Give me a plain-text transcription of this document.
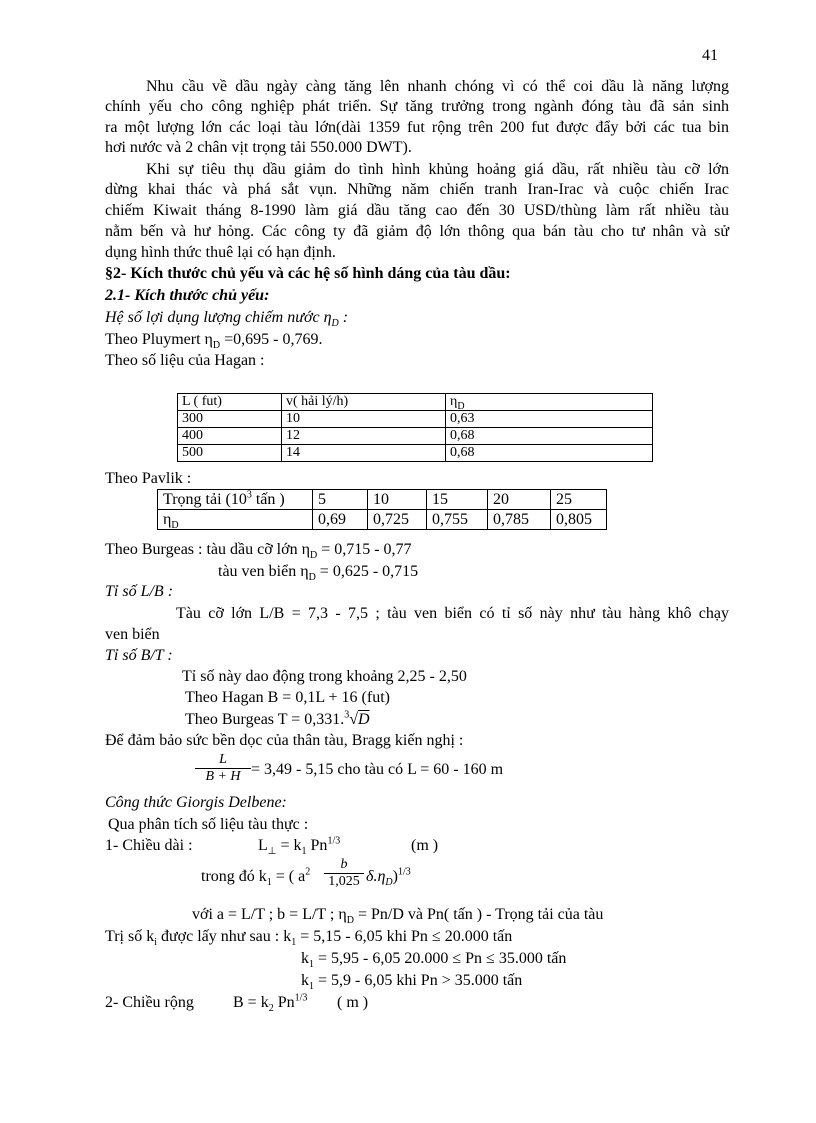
41
Nhu cầu về dầu ngày càng tăng lên nhanh chóng vì có thể coi dầu là năng lượng
chính yếu cho công nghiệp phát triển. Sự tăng trưởng trong ngành đóng tàu đã sản sinh
ra một lượng lớn các loại tàu lớn(dài 1359 fut rộng trên 200 fut được đẩy bởi các tua bin
hơi nước và 2 chân vịt trọng tải 550.000 DWT).
Khi sự tiêu thụ dầu giảm do tình hình khủng hoảng giá dầu, rất nhiều tàu cỡ lớn
dừng khai thác và phá sắt vụn. Những năm chiến tranh Iran-Irac và cuộc chiến Irac
chiếm Kiwait tháng 8-1990 làm giá dầu tăng cao đến 30 USD/thùng làm rất nhiều tàu
nằm bến và hư hỏng. Các công ty đã giảm độ lớn thông qua bán tàu cho tư nhân và sử
dụng hình thức thuê lại có hạn định.
§2- Kích thước chủ yếu và các hệ số hình dáng của tàu dầu:
2.1- Kích thước chủ yếu:
Hệ số lợi dụng lượng chiếm nước $\eta_D$ :
Theo Pluymert $\eta_D =0,695 - 0,769$.
Theo số liệu của Hagan :
L ( fut)	v( hải lý/h)	$\eta_D$
300	10	0,63
400	12	0,68
500	14	0,68
Theo Pavlik :
Trọng tải ($10^3$ tấn )	5	10	15	20	25
$\eta_D$	0,69	0,725	0,755	0,785	0,805
Theo Burgeas : tàu dầu cỡ lớn $\eta_D = 0,715 - 0,77$
tàu ven biển $\eta_D = 0,625 - 0,715$
Tỉ số L/B :
Tàu cỡ lớn L/B = 7,3 - 7,5 ; tàu ven biển có tỉ số này như tàu hàng khô chạy
ven biển
Tỉ số B/T :
Tỉ số này dao động trong khoảng 2,25 - 2,50
Theo Hagan B = 0,1L + 16 (fut)
Theo Burgeas T = 0,331.$^3$√D
Để đảm bảo sức bền dọc của thân tàu, Bragg kiến nghị :
$\frac{L}{B + H} = 3,49 - 5,15$ cho tàu có L = 60 - 160 m
Công thức Giorgis Delbene:
Qua phân tích số liệu tàu thực :
1- Chiều dài :	$L_\perp = k_1$ $Pn^{1/3}$	(m )
trong đó $k_1$ = ( $a^2 \frac{b}{1,025} \delta.\eta_D)^{1/3}$
với a = L/T ; b = L/T ; $\eta_D = Pn/D$ và Pn( tấn ) - Trọng tải của tàu
Trị số $k_i$ được lấy như sau : $k_1 = 5,15 - 6,05$ khi Pn ≤ 20.000 tấn
$k_1 = 5,95 - 6,05$ 20.000 ≤ Pn ≤ 35.000 tấn
$k_1 = 5,9 - 6,05$ khi Pn > 35.000 tấn
2- Chiều rộng $B = k_2$ $Pn^{1/3}$ ( m )
